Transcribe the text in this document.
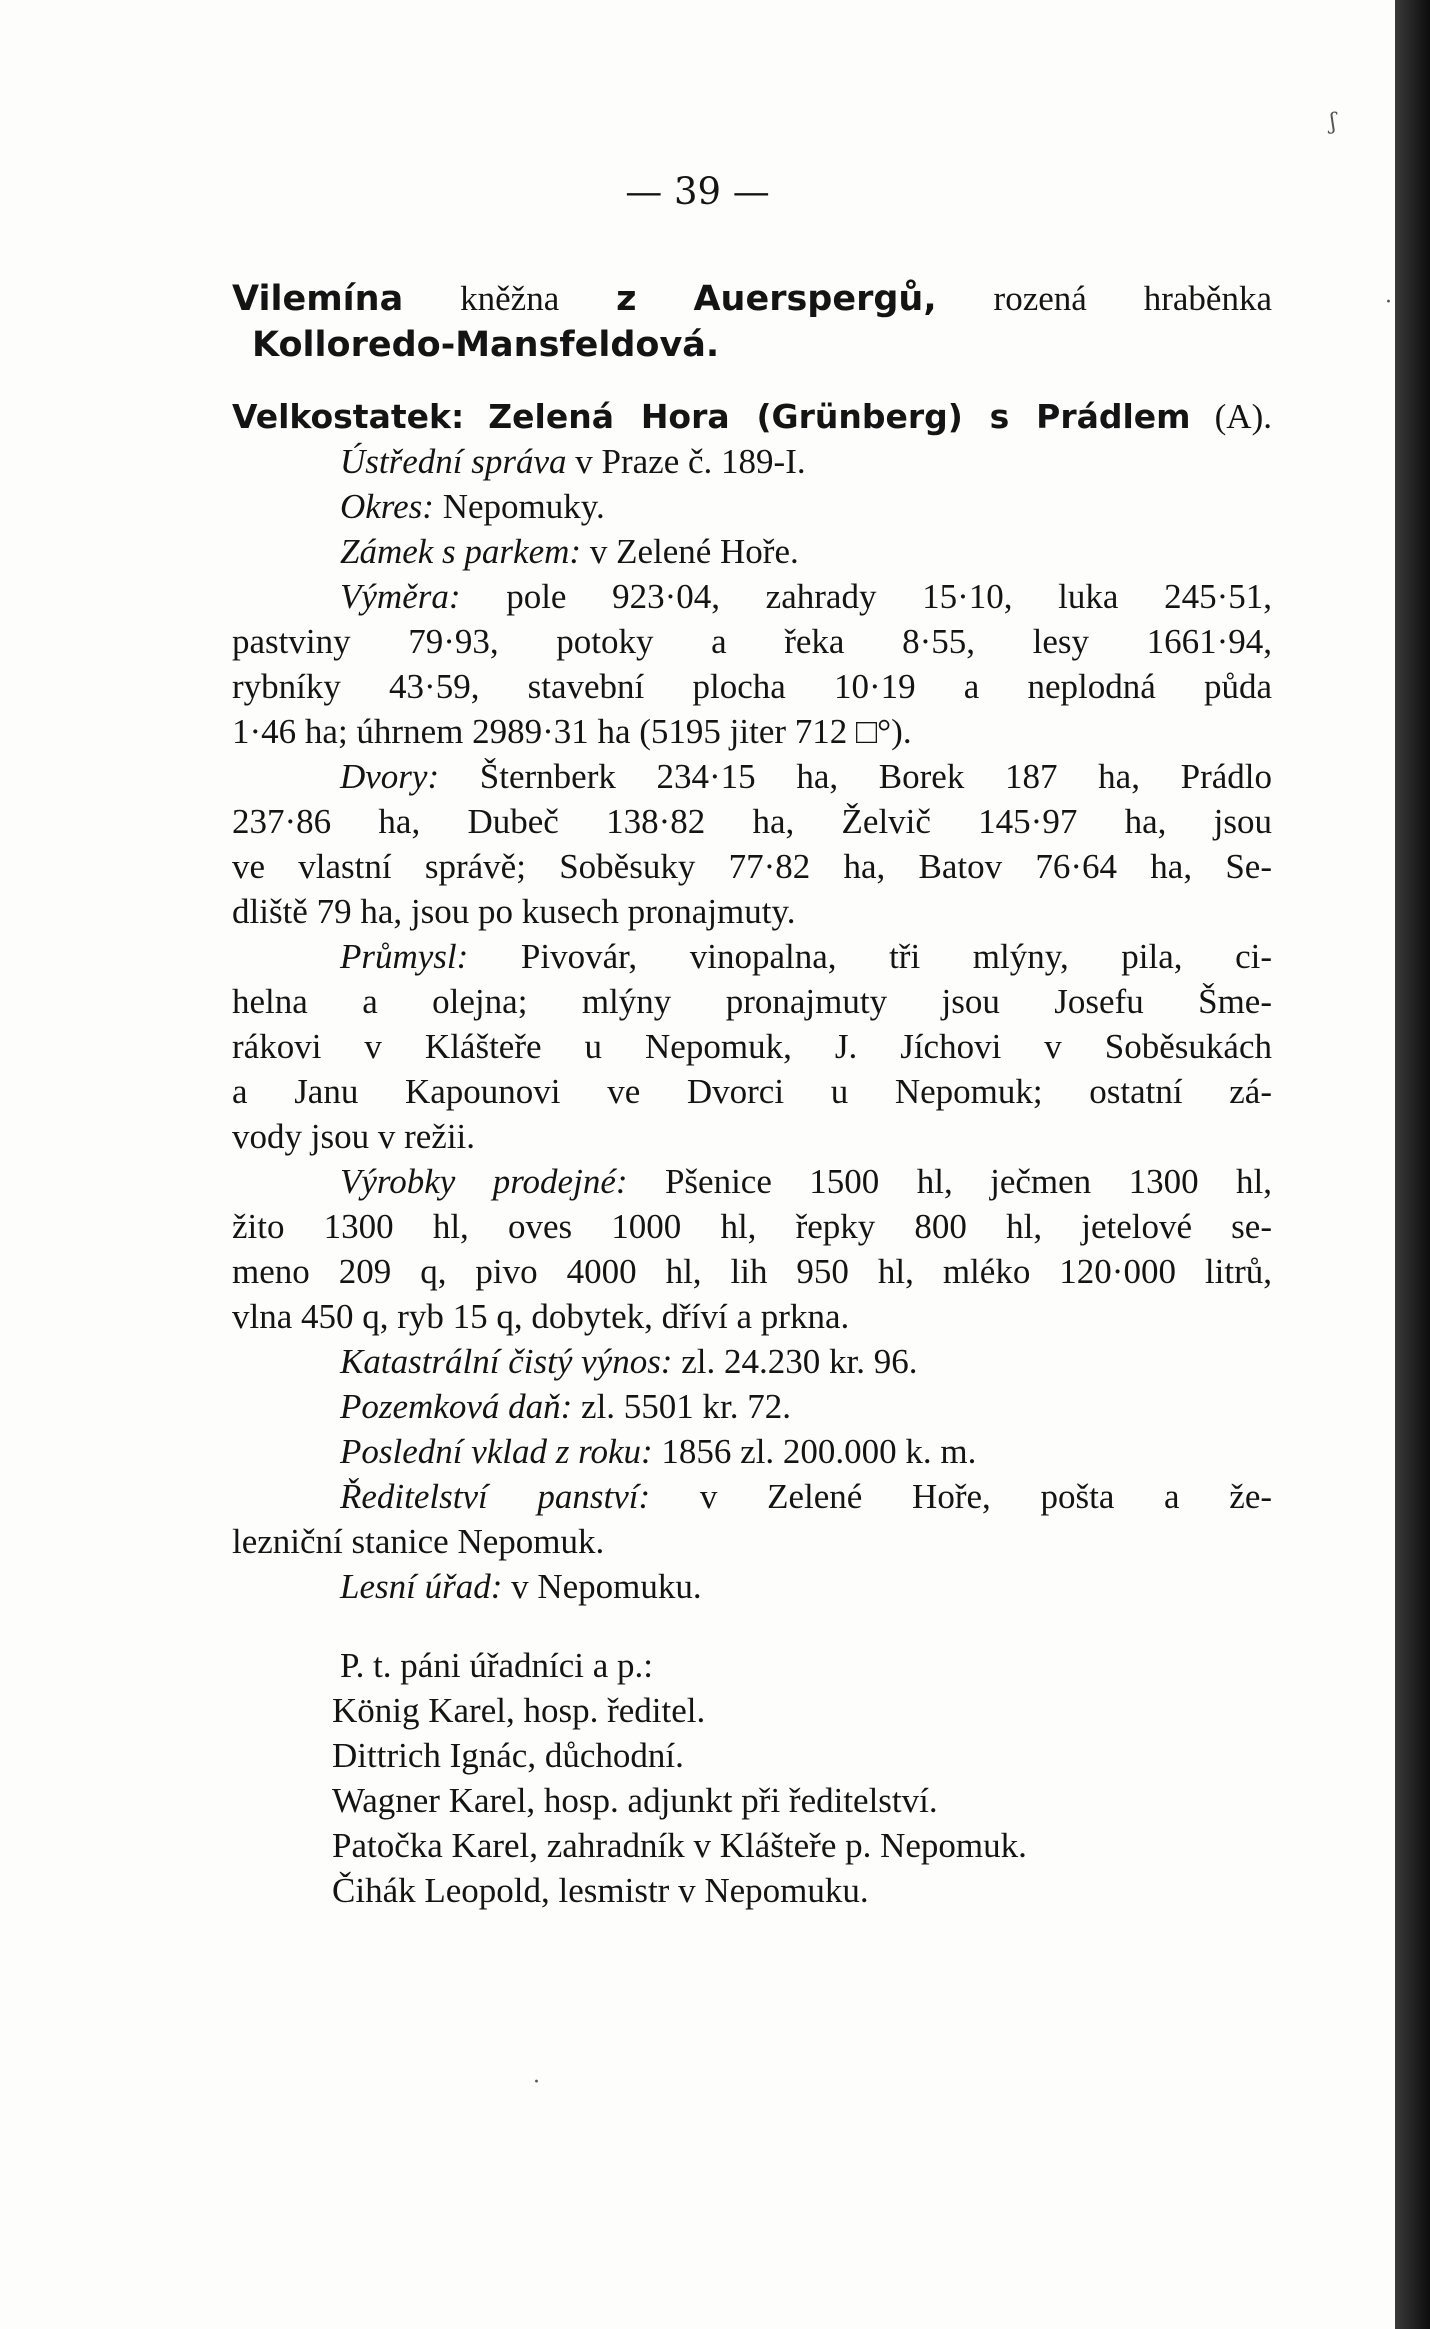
— 39 —
Vilemína kněžna z Auerspergů, rozená hraběnka
Kolloredo-Mansfeldová.
Velkostatek: Zelená Hora (Grünberg) s Prádlem (A).
Ústřední správa v Praze č. 189-I.
Okres: Nepomuky.
Zámek s parkem: v Zelené Hoře.
Výměra: pole 923·04, zahrady 15·10, luka 245·51,
pastviny 79·93, potoky a řeka 8·55, lesy 1661·94,
rybníky 43·59, stavební plocha 10·19 a neplodná půda
1·46 ha; úhrnem 2989·31 ha (5195 jiter 712 □°).
Dvory: Šternberk 234·15 ha, Borek 187 ha, Prádlo
237·86 ha, Dubeč 138·82 ha, Želvič 145·97 ha, jsou
ve vlastní správě; Soběsuky 77·82 ha, Batov 76·64 ha, Se-
dliště 79 ha, jsou po kusech pronajmuty.
Průmysl: Pivovár, vinopalna, tři mlýny, pila, ci-
helna a olejna; mlýny pronajmuty jsou Josefu Šme-
rákovi v Klášteře u Nepomuk, J. Jíchovi v Soběsukách
a Janu Kapounovi ve Dvorci u Nepomuk; ostatní zá-
vody jsou v režii.
Výrobky prodejné: Pšenice 1500 hl, ječmen 1300 hl,
žito 1300 hl, oves 1000 hl, řepky 800 hl, jetelové se-
meno 209 q, pivo 4000 hl, lih 950 hl, mléko 120·000 litrů,
vlna 450 q, ryb 15 q, dobytek, dříví a prkna.
Katastrální čistý výnos: zl. 24.230 kr. 96.
Pozemková daň: zl. 5501 kr. 72.
Poslední vklad z roku: 1856 zl. 200.000 k. m.
Ředitelství panství: v Zelené Hoře, pošta a že-
lezniční stanice Nepomuk.
Lesní úřad: v Nepomuku.
P. t. páni úřadníci a p.:
König Karel, hosp. ředitel.
Dittrich Ignác, důchodní.
Wagner Karel, hosp. adjunkt při ředitelství.
Patočka Karel, zahradník v Klášteře p. Nepomuk.
Čihák Leopold, lesmistr v Nepomuku.
ʃ
·
·
